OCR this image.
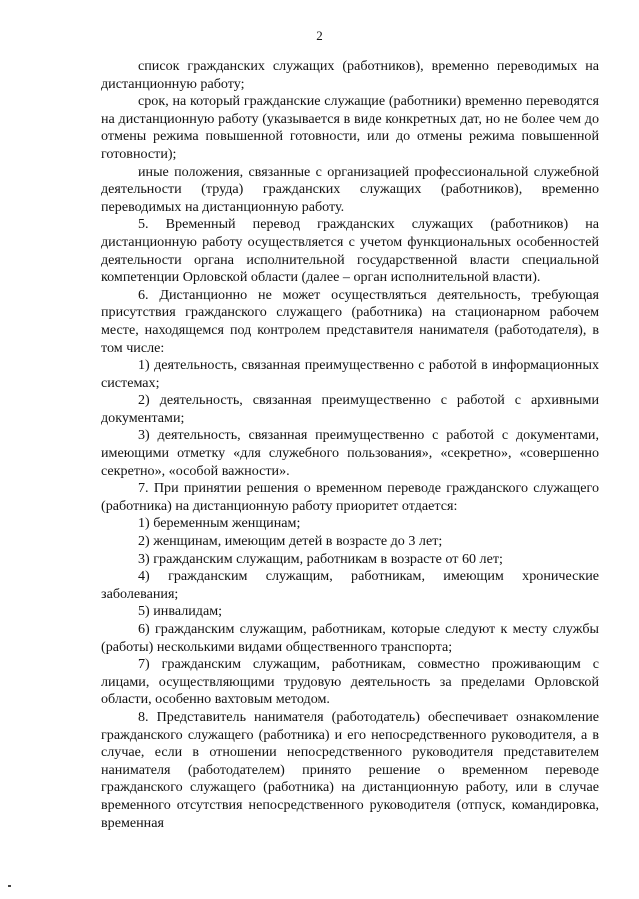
2

список гражданских служащих (работников), временно переводимых на дистанционную работу;

срок, на который гражданские служащие (работники) временно переводятся на дистанционную работу (указывается в виде конкретных дат, но не более чем до отмены режима повышенной готовности, или до отмены режима повышенной готовности);

иные положения, связанные с организацией профессиональной служебной деятельности (труда) гражданских служащих (работников), временно переводимых на дистанционную работу.

5. Временный перевод гражданских служащих (работников) на дистанционную работу осуществляется с учетом функциональных особенностей деятельности органа исполнительной государственной власти специальной компетенции Орловской области (далее – орган исполнительной власти).

6. Дистанционно не может осуществляться деятельность, требующая присутствия гражданского служащего (работника) на стационарном рабочем месте, находящемся под контролем представителя нанимателя (работодателя), в том числе:

1) деятельность, связанная преимущественно с работой в информационных системах;

2) деятельность, связанная преимущественно с работой с архивными документами;

3) деятельность, связанная преимущественно с работой с документами, имеющими отметку «для служебного пользования», «секретно», «совершенно секретно», «особой важности».

7. При принятии решения о временном переводе гражданского служащего (работника) на дистанционную работу приоритет отдается:

1) беременным женщинам;

2) женщинам, имеющим детей в возрасте до 3 лет;

3) гражданским служащим, работникам в возрасте от 60 лет;

4) гражданским служащим, работникам, имеющим хронические заболевания;

5) инвалидам;

6) гражданским служащим, работникам, которые следуют к месту службы (работы) несколькими видами общественного транспорта;

7) гражданским служащим, работникам, совместно проживающим с лицами, осуществляющими трудовую деятельность за пределами Орловской области, особенно вахтовым методом.

8. Представитель нанимателя (работодатель) обеспечивает ознакомление гражданского служащего (работника) и его непосредственного руководителя, а в случае, если в отношении непосредственного руководителя представителем нанимателя (работодателем) принято решение о временном переводе гражданского служащего (работника) на дистанционную работу, или в случае временного отсутствия непосредственного руководителя (отпуск, командировка, временная
